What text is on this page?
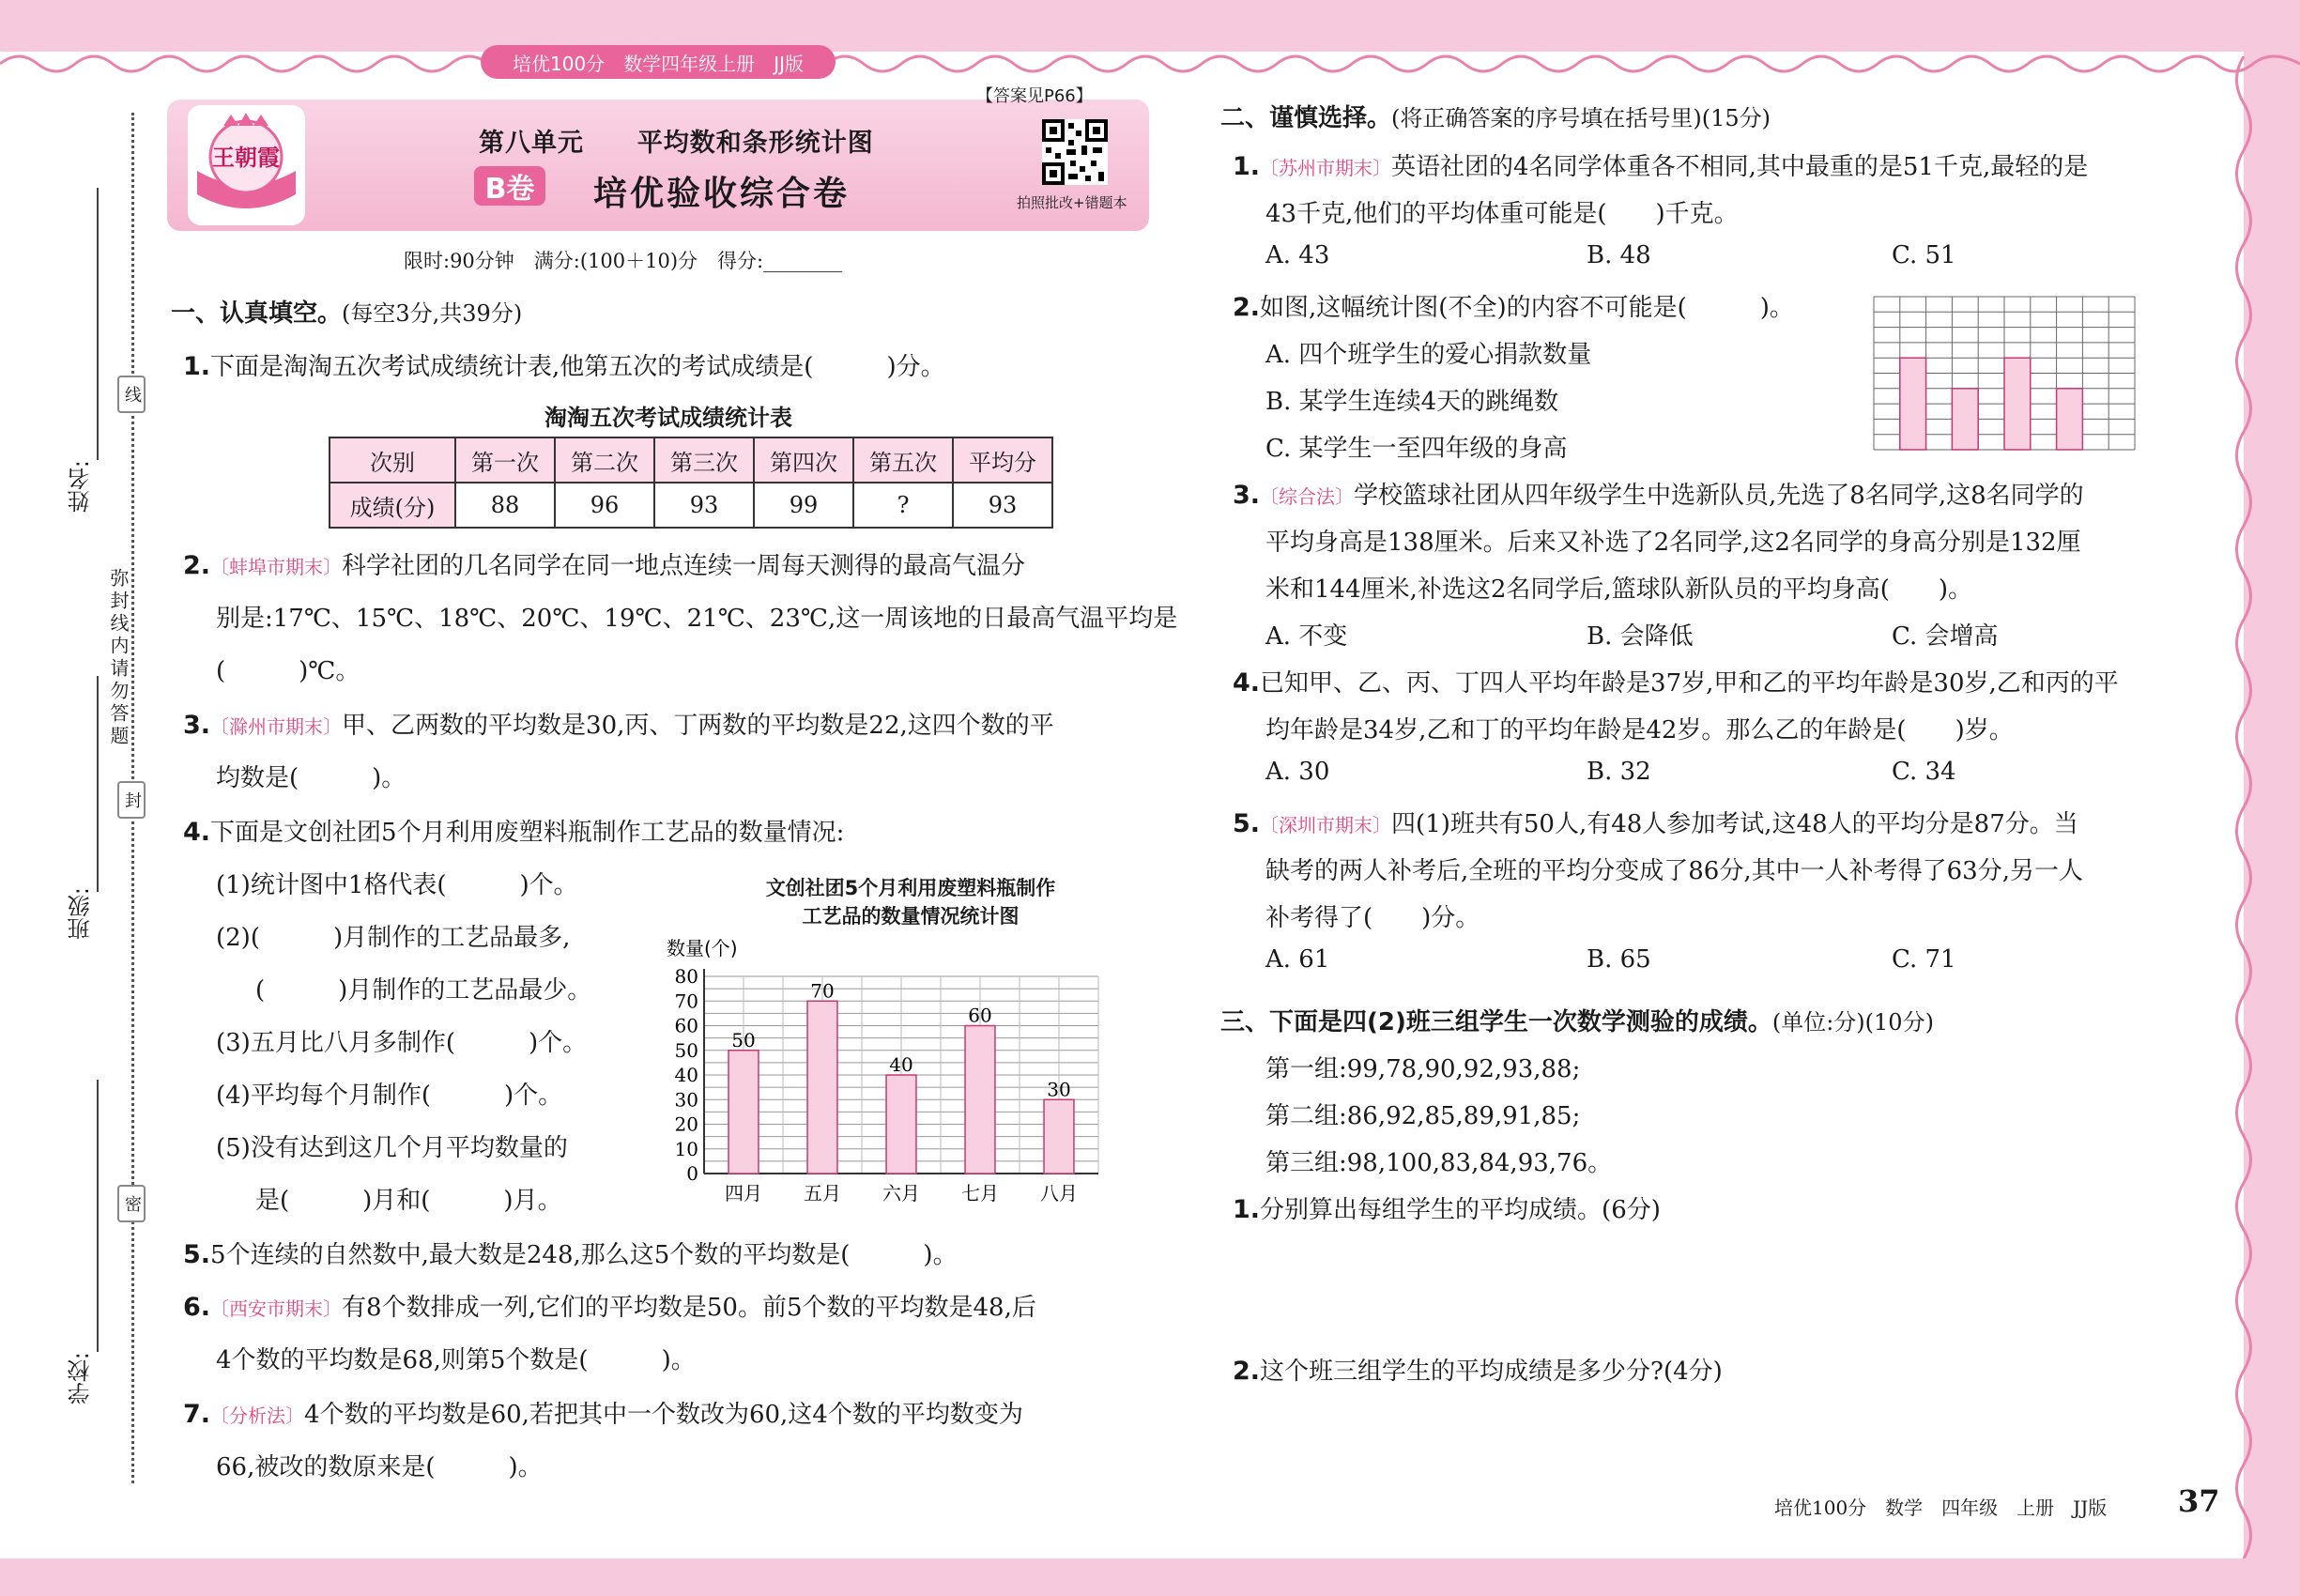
培优100分 数学四年级上册 JJ版
姓名:
班级:
学校:
弥封线内请勿答题
线
封
密
王朝霞	第八单元 平均数和条形统计图
B卷	培优验收综合卷
【答案见P66】
拍照批改+错题本
限时:90分钟　满分:(100＋10)分　得分:________
一、认真填空。(每空3分,共39分)
1.下面是淘淘五次考试成绩统计表,他第五次的考试成绩是(　　　)分。
淘淘五次考试成绩统计表
次别	第一次	第二次	第三次	第四次	第五次	平均分
成绩(分)	88	96	93	99	?	93
2.〔蚌埠市期末〕科学社团的几名同学在同一地点连续一周每天测得的最高气温分
别是:17℃、15℃、18℃、20℃、19℃、21℃、23℃,这一周该地的日最高气温平均是
(　　　)℃。
3.〔滁州市期末〕甲、乙两数的平均数是30,丙、丁两数的平均数是22,这四个数的平
均数是(　　　)。
4.下面是文创社团5个月利用废塑料瓶制作工艺品的数量情况:
(1)统计图中1格代表(　　　)个。
(2)(　　　)月制作的工艺品最多,
(　　　)月制作的工艺品最少。
(3)五月比八月多制作(　　　)个。
(4)平均每个月制作(　　　)个。
(5)没有达到这几个月平均数量的
是(　　　)月和(　　　)月。
文创社团5个月利用废塑料瓶制作
工艺品的数量情况统计图
数量(个)
0
10
20
30
40
50
60
70
80
50
四月
70
五月
40
六月
60
七月
30
八月
5.5个连续的自然数中,最大数是248,那么这5个数的平均数是(　　　)。
6.〔西安市期末〕有8个数排成一列,它们的平均数是50。前5个数的平均数是48,后
4个数的平均数是68,则第5个数是(　　　)。
7.〔分析法〕4个数的平均数是60,若把其中一个数改为60,这4个数的平均数变为
66,被改的数原来是(　　　)。
二、谨慎选择。(将正确答案的序号填在括号里)(15分)
1.〔苏州市期末〕英语社团的4名同学体重各不相同,其中最重的是51千克,最轻的是
43千克,他们的平均体重可能是(　　)千克。
A. 43	B. 48	C. 51
2.如图,这幅统计图(不全)的内容不可能是(　　　)。
A. 四个班学生的爱心捐款数量
B. 某学生连续4天的跳绳数
C. 某学生一至四年级的身高
3.〔综合法〕学校篮球社团从四年级学生中选新队员,先选了8名同学,这8名同学的
平均身高是138厘米。后来又补选了2名同学,这2名同学的身高分别是132厘
米和144厘米,补选这2名同学后,篮球队新队员的平均身高(　　)。
A. 不变	B. 会降低	C. 会增高
4.已知甲、乙、丙、丁四人平均年龄是37岁,甲和乙的平均年龄是30岁,乙和丙的平
均年龄是34岁,乙和丁的平均年龄是42岁。那么乙的年龄是(　　)岁。
A. 30	B. 32	C. 34
5.〔深圳市期末〕四(1)班共有50人,有48人参加考试,这48人的平均分是87分。当
缺考的两人补考后,全班的平均分变成了86分,其中一人补考得了63分,另一人
补考得了(　　)分。
A. 61	B. 65	C. 71
三、下面是四(2)班三组学生一次数学测验的成绩。(单位:分)(10分)
第一组:99,78,90,92,93,88;
第二组:86,92,85,89,91,85;
第三组:98,100,83,84,93,76。
1.分别算出每组学生的平均成绩。(6分)
2.这个班三组学生的平均成绩是多少分?(4分)
培优100分　数学　四年级　上册　JJ版 37
